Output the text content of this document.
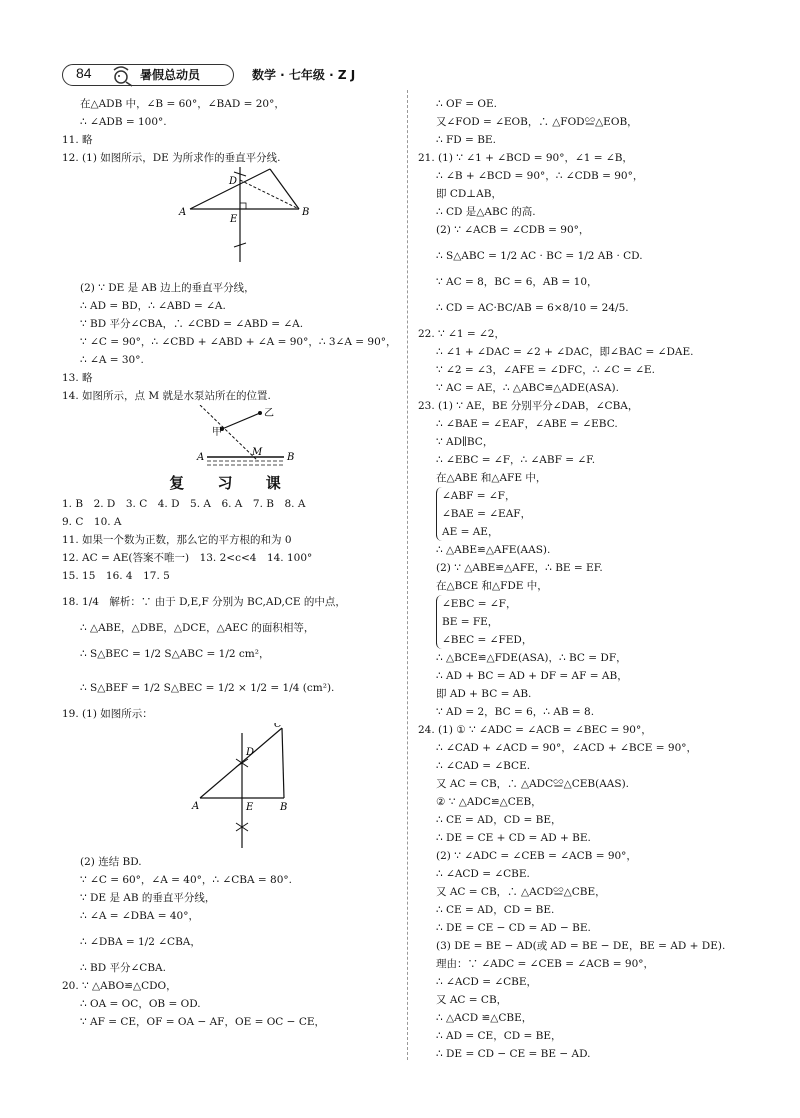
84	暑假总动员	数学 · 七年级 · Z J
在△ADB 中，∠B = 60°，∠BAD = 20°，
∴ ∠ADB = 100°.
11. 略
12. (1) 如图所示，DE 为所求作的垂直平分线.
D
A
E
B
(2) ∵ DE 是 AB 边上的垂直平分线，
∴ AD = BD，∴ ∠ABD = ∠A.
∵ BD 平分∠CBA，∴ ∠CBD = ∠ABD = ∠A.
∵ ∠C = 90°，∴ ∠CBD + ∠ABD + ∠A = 90°，∴ 3∠A = 90°，
∴ ∠A = 30°.
13. 略
14. 如图所示，点 M 就是水泵站所在的位置.
甲
乙
A	M B
复 习 课
1. B　2. D　3. C　4. D　5. A　6. A　7. B　8. A
9. C　10. A
11. 如果一个数为正数，那么它的平方根的和为 0
12. AC = AE(答案不唯一)　13. 2<c<4　14. 100°
15. 15　16. 4　17. 5
18. 1/4　解析：∵ 由于 D,E,F 分别为 BC,AD,CE 的中点，
∴ △ABE，△DBE，△DCE，△AEC 的面积相等，
∴ S△BEC = 1/2 S△ABC = 1/2 cm²，
∴ S△BEF = 1/2 S△BEC = 1/2 × 1/2 = 1/4 (cm²).
19. (1) 如图所示：
C
D
A	E	B
(2) 连结 BD.
∵ ∠C = 60°，∠A = 40°，∴ ∠CBA = 80°.
∵ DE 是 AB 的垂直平分线，
∴ ∠A = ∠DBA = 40°，
∴ ∠DBA = 1/2 ∠CBA，
∴ BD 平分∠CBA.
20. ∵ △ABO≌△CDO，
∴ OA = OC，OB = OD.
∵ AF = CE，OF = OA − AF，OE = OC − CE，
∴ OF = OE.
又∠FOD = ∠EOB，∴ △FOD≌△EOB，
∴ FD = BE.
21. (1) ∵ ∠1 + ∠BCD = 90°，∠1 = ∠B，
∴ ∠B + ∠BCD = 90°，∴ ∠CDB = 90°，
即 CD⊥AB，
∴ CD 是△ABC 的高.
(2) ∵ ∠ACB = ∠CDB = 90°，
∴ S△ABC = 1/2 AC · BC = 1/2 AB · CD.
∵ AC = 8，BC = 6，AB = 10，
∴ CD = AC·BC/AB = 6×8/10 = 24/5.
22. ∵ ∠1 = ∠2，
∴ ∠1 + ∠DAC = ∠2 + ∠DAC，即∠BAC = ∠DAE.
∵ ∠2 = ∠3，∠AFE = ∠DFC，∴ ∠C = ∠E.
∵ AC = AE，∴ △ABC≌△ADE(ASA).
23. (1) ∵ AE，BE 分别平分∠DAB，∠CBA，
∴ ∠BAE = ∠EAF，∠ABE = ∠EBC.
∵ AD∥BC，
∴ ∠EBC = ∠F，∴ ∠ABF = ∠F.
在△ABE 和△AFE 中，
∠ABF = ∠F，
∠BAE = ∠EAF，
AE = AE，
∴ △ABE≌△AFE(AAS).
(2) ∵ △ABE≌△AFE，∴ BE = EF.
在△BCE 和△FDE 中，
∠EBC = ∠F，
BE = FE，
∠BEC = ∠FED，
∴ △BCE≌△FDE(ASA)，∴ BC = DF，
∴ AD + BC = AD + DF = AF = AB，
即 AD + BC = AB.
∵ AD = 2，BC = 6，∴ AB = 8.
24. (1) ① ∵ ∠ADC = ∠ACB = ∠BEC = 90°，
∴ ∠CAD + ∠ACD = 90°，∠ACD + ∠BCE = 90°，
∴ ∠CAD = ∠BCE.
又 AC = CB，∴ △ADC≌△CEB(AAS).
② ∵ △ADC≌△CEB，
∴ CE = AD，CD = BE，
∴ DE = CE + CD = AD + BE.
(2) ∵ ∠ADC = ∠CEB = ∠ACB = 90°，
∴ ∠ACD = ∠CBE.
又 AC = CB，∴ △ACD≌△CBE，
∴ CE = AD，CD = BE.
∴ DE = CE − CD = AD − BE.
(3) DE = BE − AD(或 AD = BE − DE，BE = AD + DE).
理由：∵ ∠ADC = ∠CEB = ∠ACB = 90°，
∴ ∠ACD = ∠CBE，
又 AC = CB，
∴ △ACD ≌△CBE，
∴ AD = CE，CD = BE，
∴ DE = CD − CE = BE − AD.
